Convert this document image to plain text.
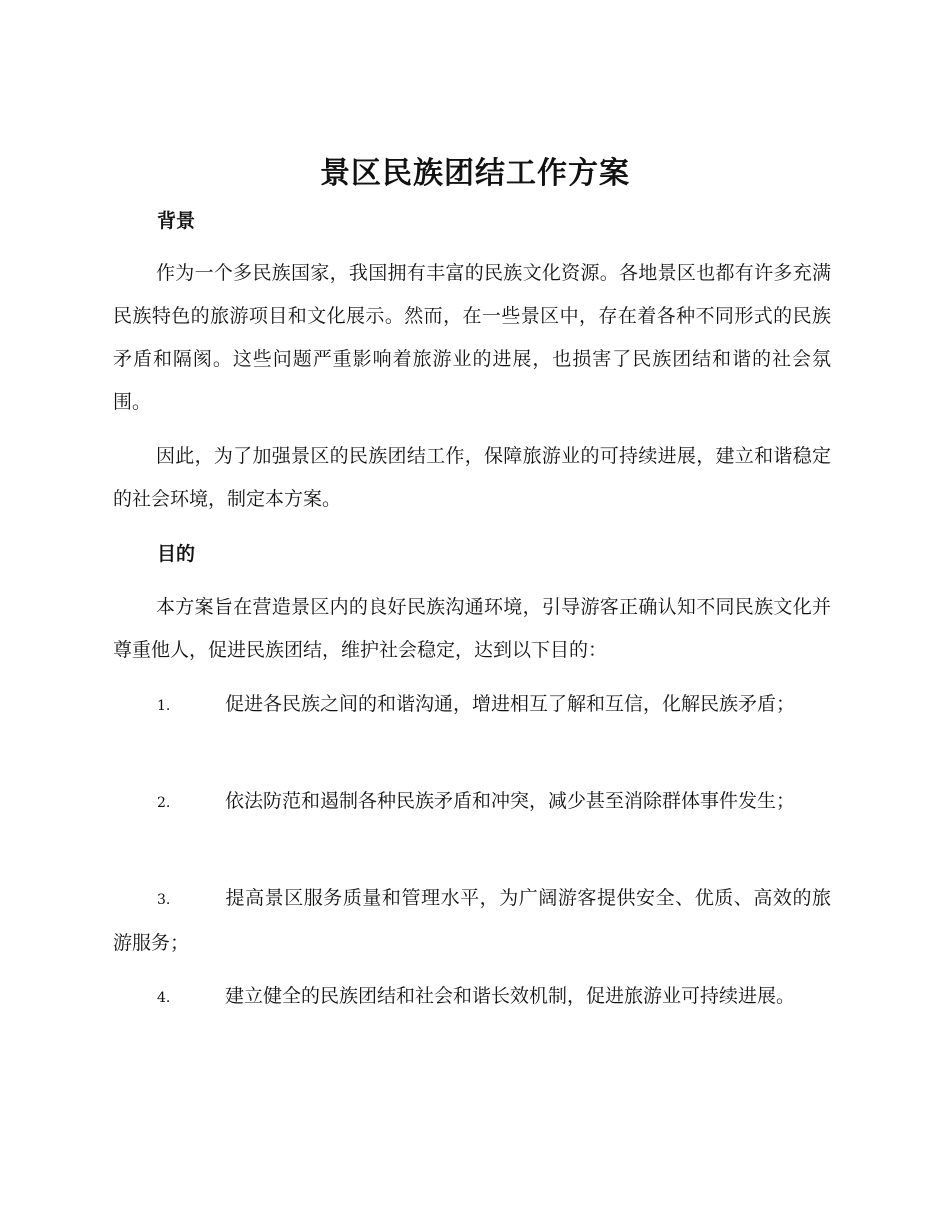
景区民族团结工作方案
背景

作为一个多民族国家，我国拥有丰富的民族文化资源。各地景区也都有许多充满民族特色的旅游项目和文化展示。然而，在一些景区中，存在着各种不同形式的民族矛盾和隔阂。这些问题严重影响着旅游业的进展，也损害了民族团结和谐的社会氛围。

因此，为了加强景区的民族团结工作，保障旅游业的可持续进展，建立和谐稳定的社会环境，制定本方案。

目的

本方案旨在营造景区内的良好民族沟通环境，引导游客正确认知不同民族文化并尊重他人，促进民族团结，维护社会稳定，达到以下目的：

1.	促进各民族之间的和谐沟通，增进相互了解和互信，化解民族矛盾；

2.	依法防范和遏制各种民族矛盾和冲突，减少甚至消除群体事件发生；

3.	提高景区服务质量和管理水平，为广阔游客提供安全、优质、高效的旅游服务；

4.	建立健全的民族团结和社会和谐长效机制，促进旅游业可持续进展。
